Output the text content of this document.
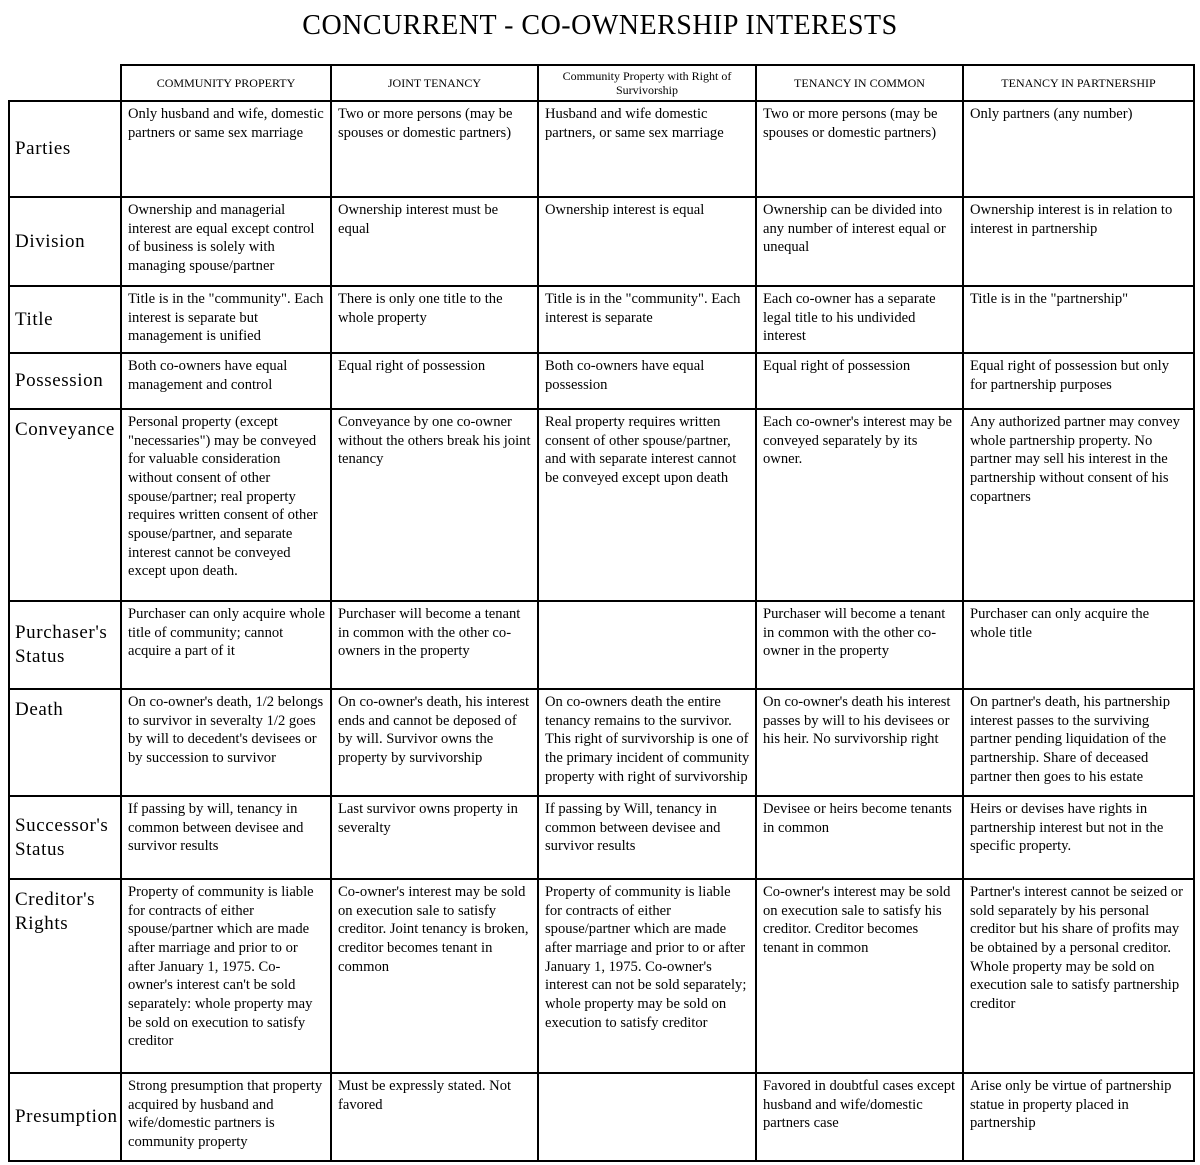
CONCURRENT - CO-OWNERSHIP INTERESTS
	COMMUNITY PROPERTY	JOINT TENANCY	Community Property with Right of Survivorship	TENANCY IN COMMON	TENANCY IN PARTNERSHIP
Parties	Only husband and wife, domestic partners or same sex marriage	Two or more persons (may be spouses or domestic partners)	Husband and wife domestic partners, or same sex marriage	Two or more persons (may be spouses or domestic partners)	Only partners (any number)
Division	Ownership and managerial interest are equal except control of business is solely with managing spouse/partner	Ownership interest must be equal	Ownership interest is equal	Ownership can be divided into any number of interest equal or unequal	Ownership interest is in relation to interest in partnership
Title	Title is in the "community". Each interest is separate but management is unified	There is only one title to the whole property	Title is in the "community". Each interest is separate	Each co-owner has a separate legal title to his undivided interest	Title is in the "partnership"
Possession	Both co-owners have equal management and control	Equal right of possession	Both co-owners have equal possession	Equal right of possession	Equal right of possession but only for partnership purposes
Conveyance	Personal property (except "necessaries") may be conveyed for valuable consideration without consent of other spouse/partner; real property requires written consent of other spouse/partner, and separate interest cannot be conveyed except upon death.	Conveyance by one co-owner without the others break his joint tenancy	Real property requires written consent of other spouse/partner, and with separate interest cannot be conveyed except upon death	Each co-owner's interest may be conveyed separately by its owner.	Any authorized partner may convey whole partnership property. No partner may sell his interest in the partnership without consent of his copartners
Purchaser's Status	Purchaser can only acquire whole title of community; cannot acquire a part of it	Purchaser will become a tenant in common with the other co-owners in the property		Purchaser will become a tenant in common with the other co-owner in the property	Purchaser can only acquire the whole title
Death	On co-owner's death, 1/2 belongs to survivor in severalty 1/2 goes by will to decedent's devisees or by succession to survivor	On co-owner's death, his interest ends and cannot be deposed of by will. Survivor owns the property by survivorship	On co-owners death the entire tenancy remains to the survivor. This right of survivorship is one of the primary incident of community property with right of survivorship	On co-owner's death his interest passes by will to his devisees or his heir. No survivorship right	On partner's death, his partnership interest passes to the surviving partner pending liquidation of the partnership. Share of deceased partner then goes to his estate
Successor's Status	If passing by will, tenancy in common between devisee and survivor results	Last survivor owns property in severalty	If passing by Will, tenancy in common between devisee and survivor results	Devisee or heirs become tenants in common	Heirs or devises have rights in partnership interest but not in the specific property.
Creditor's Rights	Property of community is liable for contracts of either spouse/partner which are made after marriage and prior to or after January 1, 1975. Co-owner's interest can't be sold separately: whole property may be sold on execution to satisfy creditor	Co-owner's interest may be sold on execution sale to satisfy creditor. Joint tenancy is broken, creditor becomes tenant in common	Property of community is liable for contracts of either spouse/partner which are made after marriage and prior to or after January 1, 1975. Co-owner's interest can not be sold separately; whole property may be sold on execution to satisfy creditor	Co-owner's interest may be sold on execution sale to satisfy his creditor. Creditor becomes tenant in common	Partner's interest cannot be seized or sold separately by his personal creditor but his share of profits may be obtained by a personal creditor. Whole property may be sold on execution sale to satisfy partnership creditor
Presumption	Strong presumption that property acquired by husband and wife/domestic partners is community property	Must be expressly stated. Not favored		Favored in doubtful cases except husband and wife/domestic partners case	Arise only be virtue of partnership statue in property placed in partnership
